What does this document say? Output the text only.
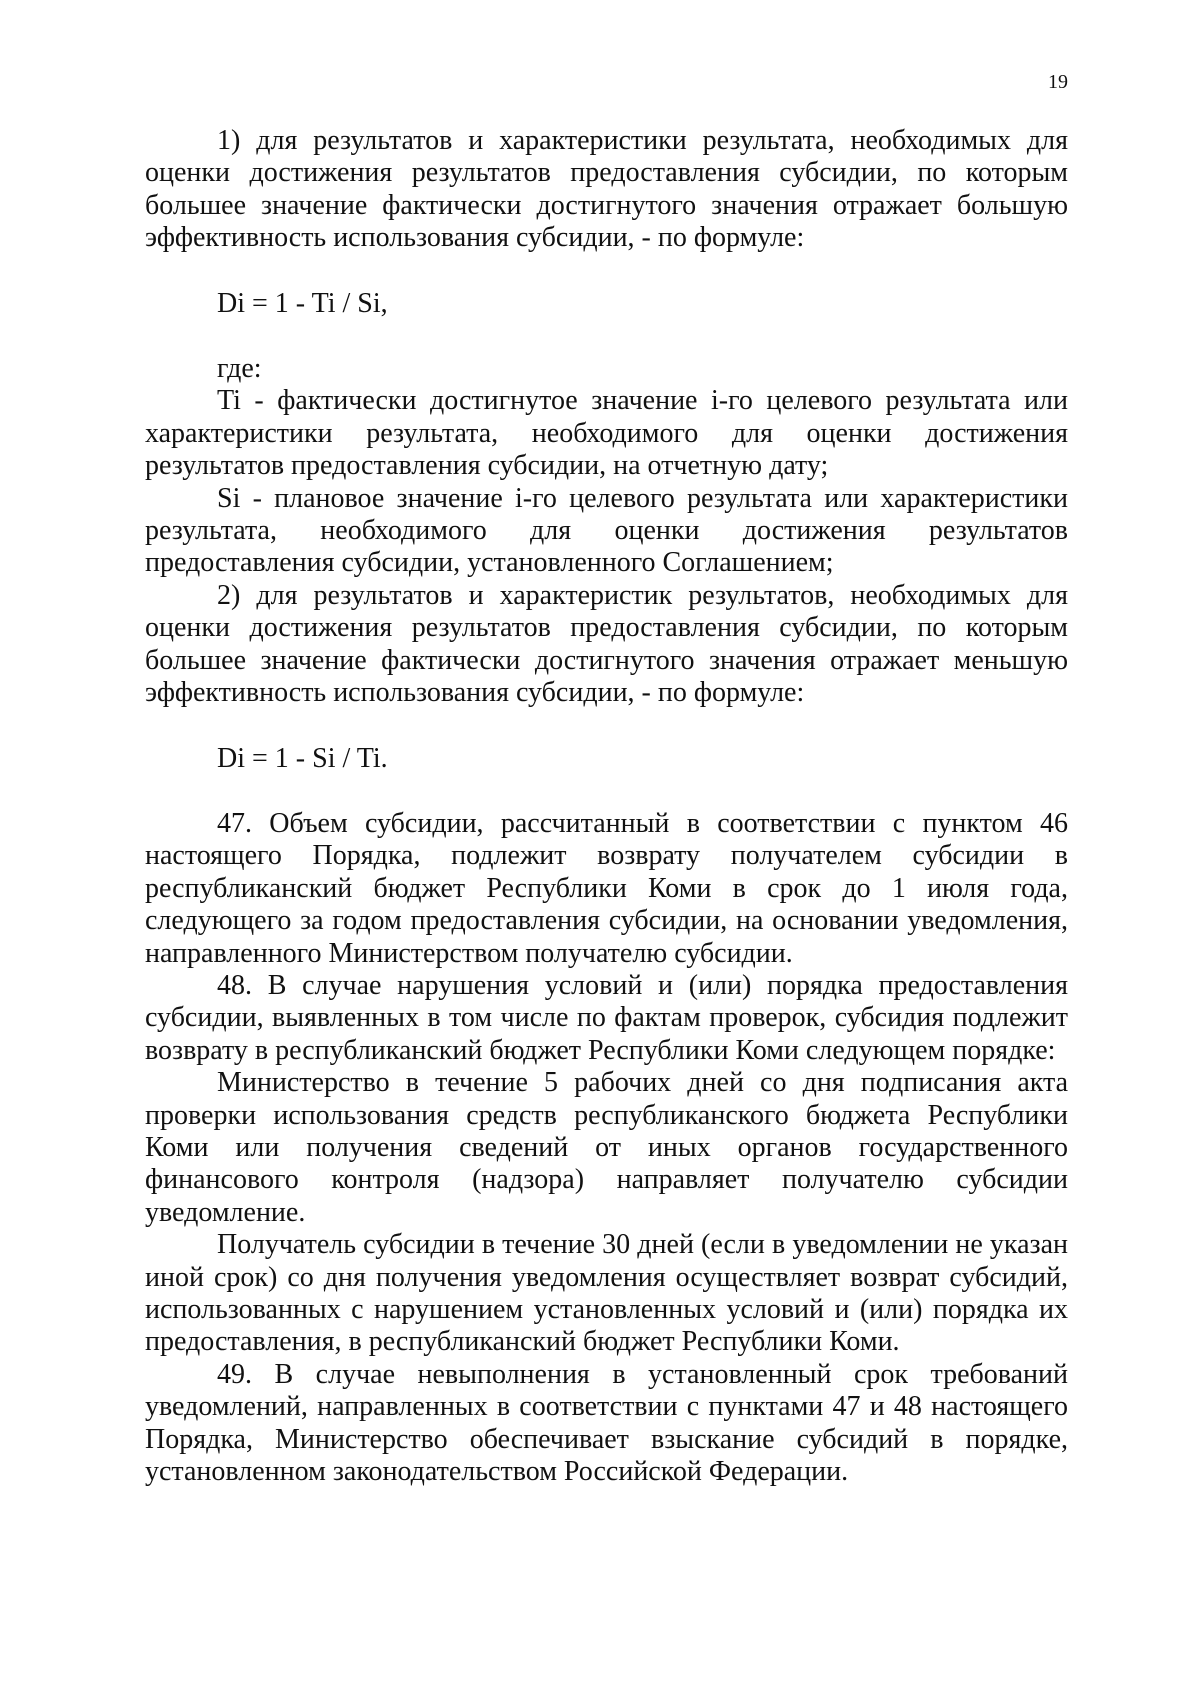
19

1) для результатов и характеристики результата, необходимых для оценки достижения результатов предоставления субсидии, по которым большее значение фактически достигнутого значения отражает большую эффективность использования субсидии, - по формуле:

Di = 1 - Ti / Si,

где:

Ti - фактически достигнутое значение i-го целевого результата или характеристики результата, необходимого для оценки достижения результатов предоставления субсидии, на отчетную дату;

Si - плановое значение i-го целевого результата или характеристики результата, необходимого для оценки достижения результатов предоставления субсидии, установленного Соглашением;

2) для результатов и характеристик результатов, необходимых для оценки достижения результатов предоставления субсидии, по которым большее значение фактически достигнутого значения отражает меньшую эффективность использования субсидии, - по формуле:

Di = 1 - Si / Ti.

47. Объем субсидии, рассчитанный в соответствии с пунктом 46 настоящего Порядка, подлежит возврату получателем субсидии в республиканский бюджет Республики Коми в срок до 1 июля года, следующего за годом предоставления субсидии, на основании уведомления, направленного Министерством получателю субсидии.

48. В случае нарушения условий и (или) порядка предоставления субсидии, выявленных в том числе по фактам проверок, субсидия подлежит возврату в республиканский бюджет Республики Коми следующем порядке:

Министерство в течение 5 рабочих дней со дня подписания акта проверки использования средств республиканского бюджета Республики Коми или получения сведений от иных органов государственного финансового контроля (надзора) направляет получателю субсидии уведомление.

Получатель субсидии в течение 30 дней (если в уведомлении не указан иной срок) со дня получения уведомления осуществляет возврат субсидий, использованных с нарушением установленных условий и (или) порядка их предоставления, в республиканский бюджет Республики Коми.

49. В случае невыполнения в установленный срок требований уведомлений, направленных в соответствии с пунктами 47 и 48 настоящего Порядка, Министерство обеспечивает взыскание субсидий в порядке, установленном законодательством Российской Федерации.
